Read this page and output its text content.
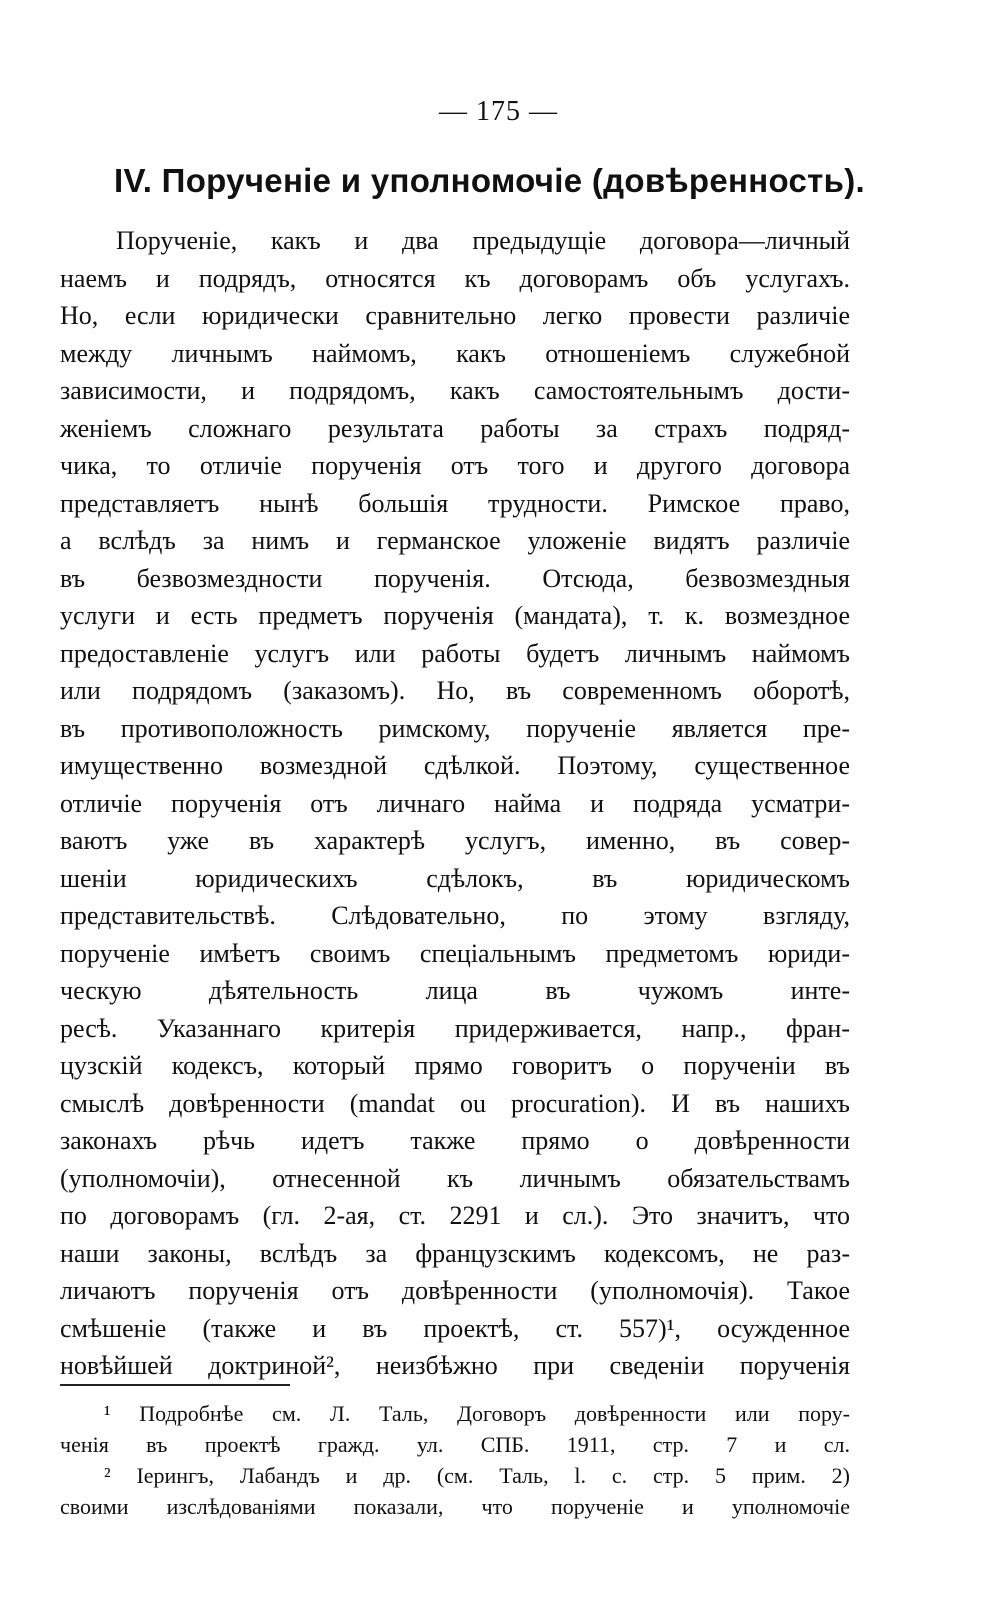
— 175 —
IV. Порученіе и уполномочіе (довѣренность).
Порученіе, какъ и два предыдущіе договора—личный
наемъ и подрядъ, относятся къ договорамъ объ услугахъ.
Но, если юридически сравнительно легко провести различіе
между личнымъ наймомъ, какъ отношеніемъ служебной
зависимости, и подрядомъ, какъ самостоятельнымъ дости-
женіемъ сложнаго результата работы за страхъ подряд-
чика, то отличіе порученія отъ того и другого договора
представляетъ нынѣ большія трудности. Римское право,
а вслѣдъ за нимъ и германское уложеніе видятъ различіе
въ безвозмездности порученія. Отсюда, безвозмездныя
услуги и есть предметъ порученія (мандата), т. к. возмездное
предоставленіе услугъ или работы будетъ личнымъ наймомъ
или подрядомъ (заказомъ). Но, въ современномъ оборотѣ,
въ противоположность римскому, порученіе является пре-
имущественно возмездной сдѣлкой. Поэтому, существенное
отличіе порученія отъ личнаго найма и подряда усматри-
ваютъ уже въ характерѣ услугъ, именно, въ совер-
шеніи юридическихъ сдѣлокъ, въ юридическомъ
представительствѣ. Слѣдовательно, по этому взгляду,
порученіе имѣетъ своимъ спеціальнымъ предметомъ юриди-
ческую дѣятельность лица въ чужомъ инте-
ресѣ. Указаннаго критерія придерживается, напр., фран-
цузскій кодексъ, который прямо говоритъ о порученіи въ
смыслѣ довѣренности (mandat ou procuration). И въ нашихъ
законахъ рѣчь идетъ также прямо о довѣренности
(уполномочіи), отнесенной къ личнымъ обязательствамъ
по договорамъ (гл. 2-ая, ст. 2291 и сл.). Это значитъ, что
наши законы, вслѣдъ за французскимъ кодексомъ, не раз-
личаютъ порученія отъ довѣренности (уполномочія). Такое
смѣшеніе (также и въ проектѣ, ст. 557)¹, осужденное
новѣйшей доктриной², неизбѣжно при сведеніи порученія
¹ Подробнѣе см. Л. Таль, Договоръ довѣренности или пору-
ченія въ проектѣ гражд. ул. СПБ. 1911, стр. 7 и сл.
² Іерингъ, Лабандъ и др. (см. Таль, l. с. стр. 5 прим. 2)
своими изслѣдованіями показали, что порученіе и уполномочіе
